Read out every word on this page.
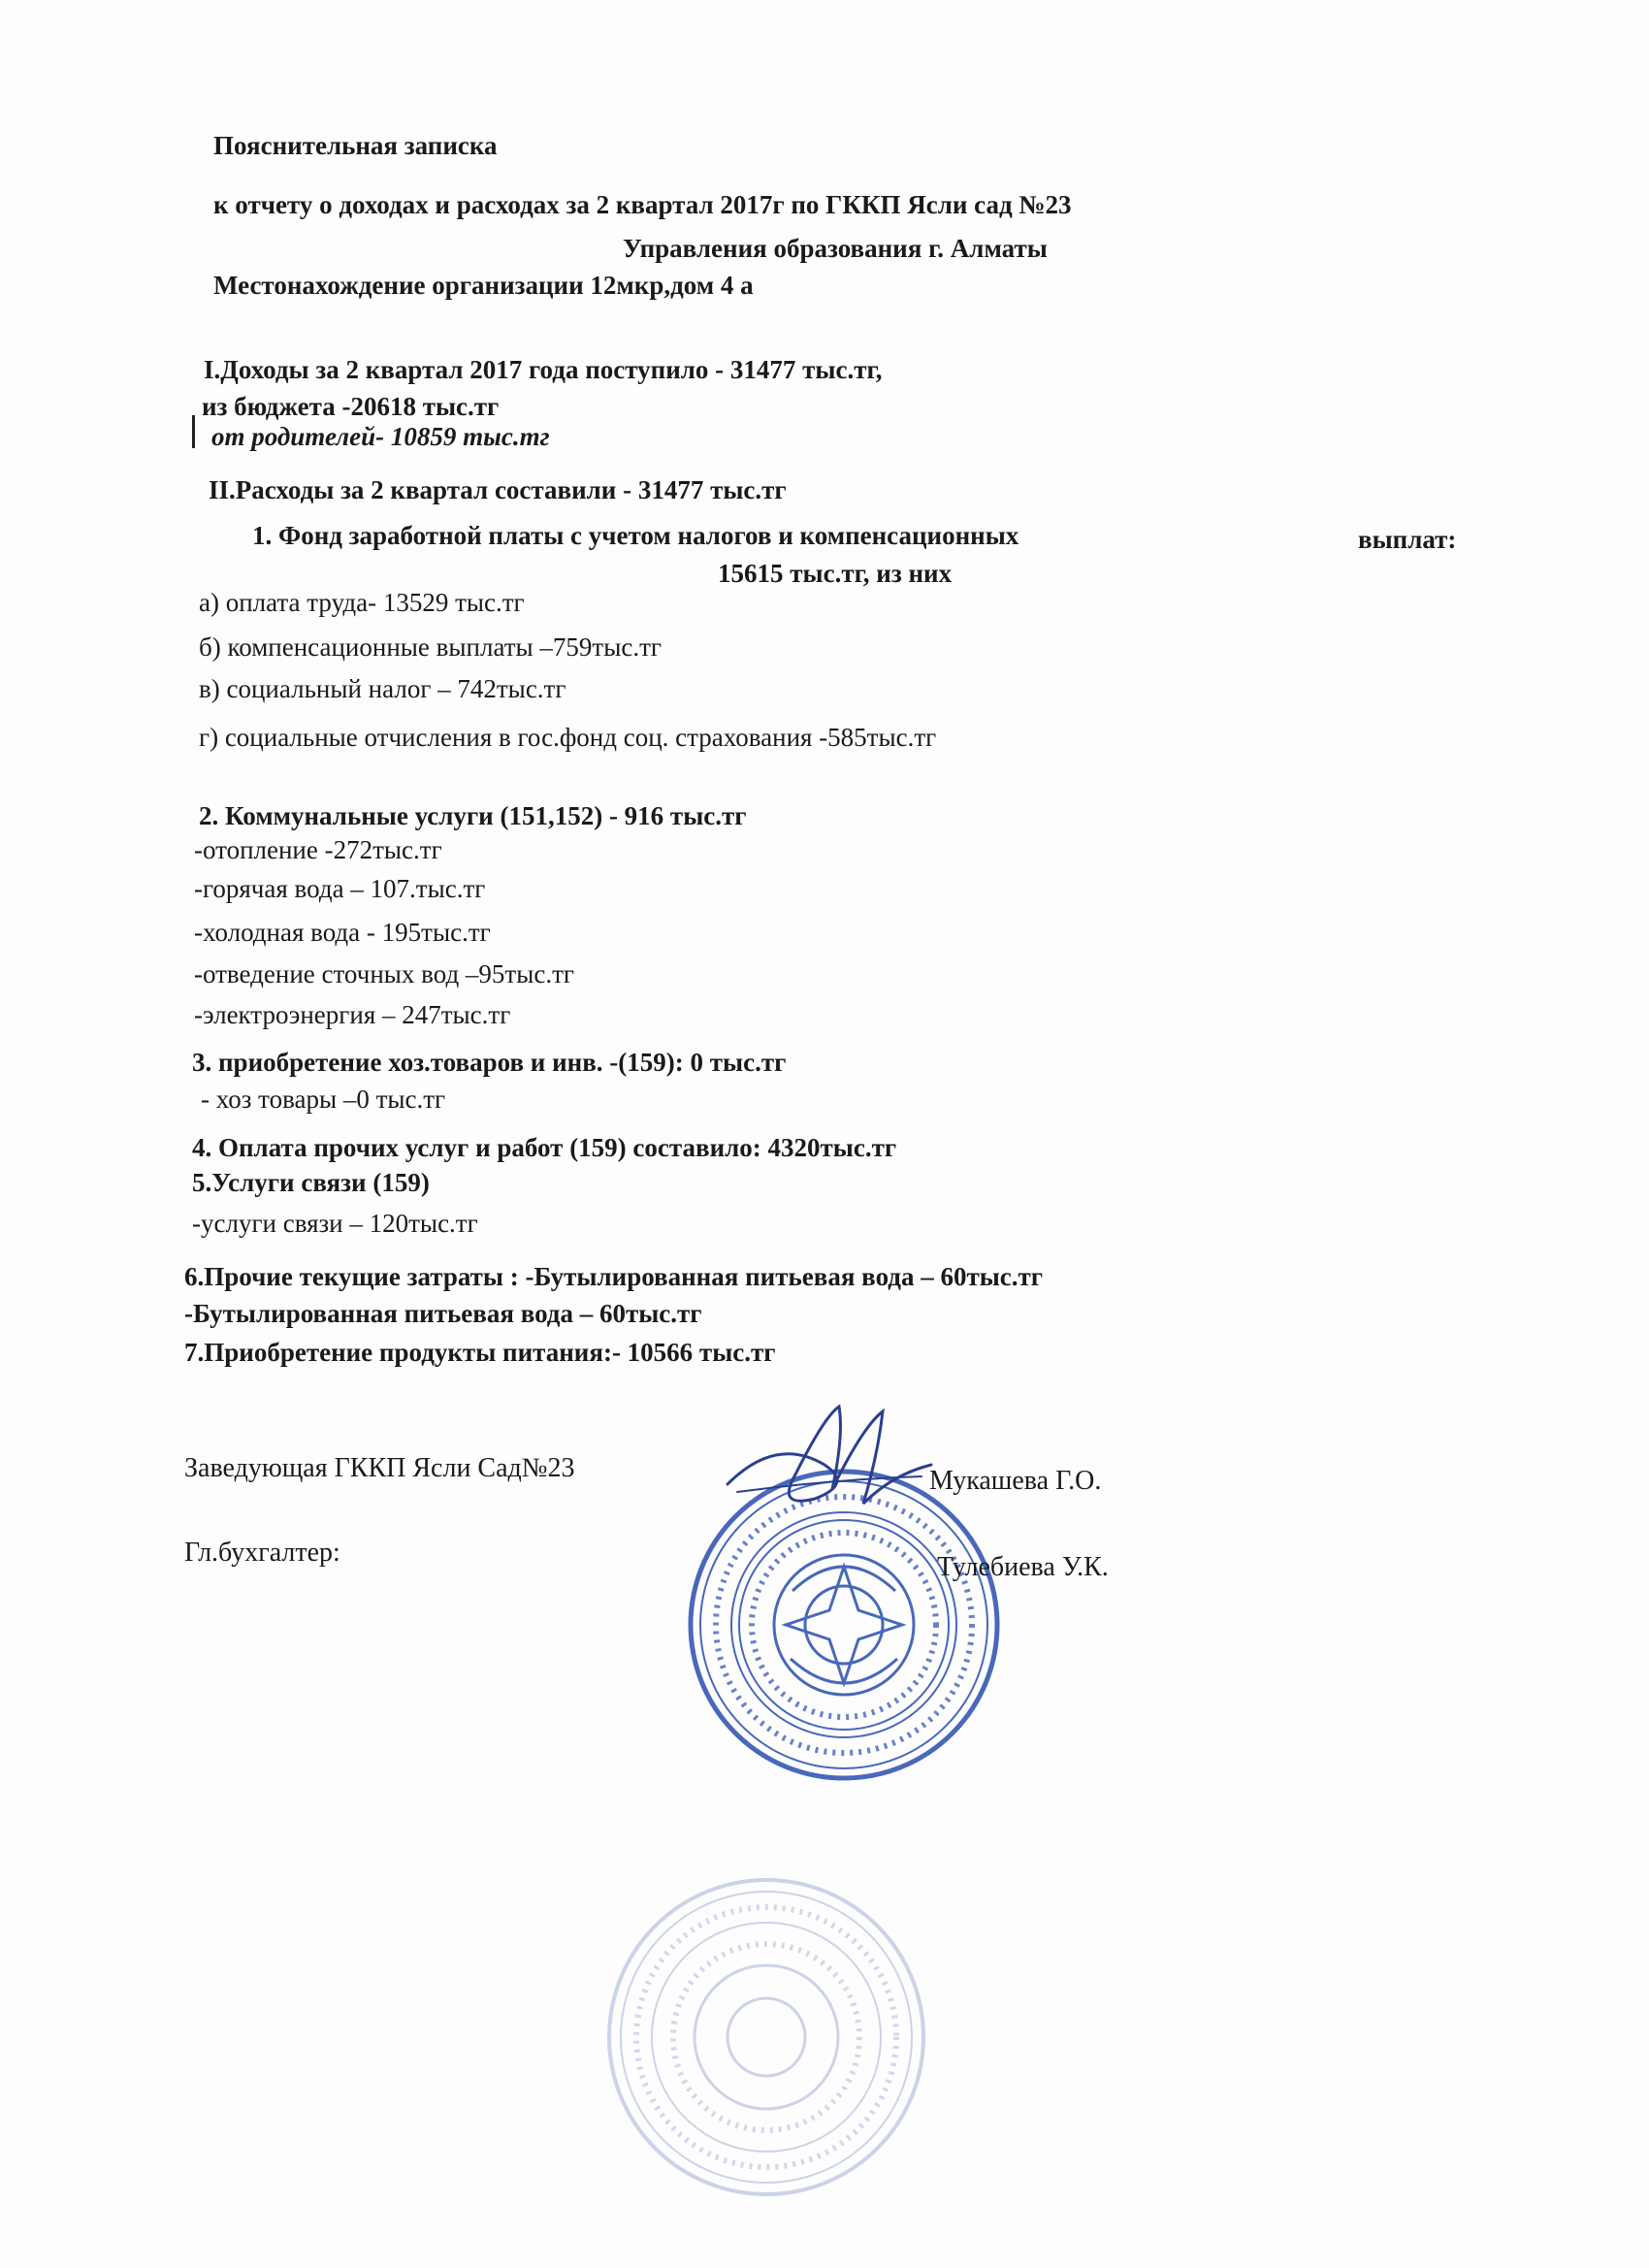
Пояснительная записка
к отчету о доходах и расходах за 2 квартал 2017г по ГККП Ясли сад №23
Управления образования г. Алматы
Местонахождение организации 12мкр,дом 4 а
I.Доходы за 2 квартал 2017 года поступило - 31477 тыс.тг,
из бюджета -20618 тыс.тг
от родителей- 10859 тыс.тг
II.Расходы за 2 квартал составили - 31477 тыс.тг
1. Фонд заработной платы с учетом налогов и компенсационных	выплат:
15615 тыс.тг, из них
а) оплата труда- 13529 тыс.тг
б) компенсационные выплаты –759тыс.тг
в) социальный налог – 742тыс.тг
г) социальные отчисления в гос.фонд соц. страхования -585тыс.тг
2. Коммунальные услуги (151,152) - 916 тыс.тг
-отопление -272тыс.тг
-горячая вода – 107.тыс.тг
-холодная вода - 195тыс.тг
-отведение сточных вод –95тыс.тг
-электроэнергия – 247тыс.тг
3. приобретение хоз.товаров и инв. -(159): 0 тыс.тг
- хоз товары –0 тыс.тг
4. Оплата прочих услуг и работ (159) составило: 4320тыс.тг
5.Услуги связи (159)
-услуги связи – 120тыс.тг
6.Прочие текущие затраты : -Бутылированная питьевая вода – 60тыс.тг
-Бутылированная питьевая вода – 60тыс.тг
7.Приобретение продукты питания:- 10566 тыс.тг
Заведующая ГККП Ясли Сад№23	Мукашева Г.О.
Гл.бухгалтер:	Тулебиева У.К.
